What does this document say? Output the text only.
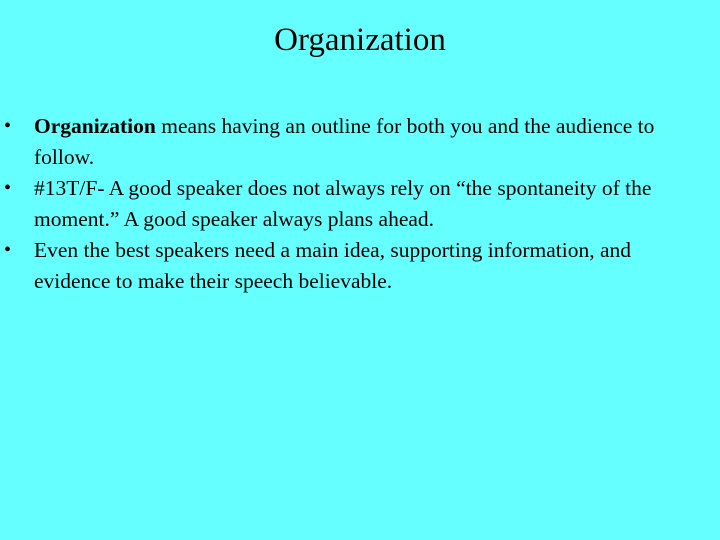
Organization
• Organization means having an outline for both you and the audience to follow.
• #13T/F- A good speaker does not always rely on “the spontaneity of the moment.” A good speaker always plans ahead.
• Even the best speakers need a main idea, supporting information, and evidence to make their speech believable.
